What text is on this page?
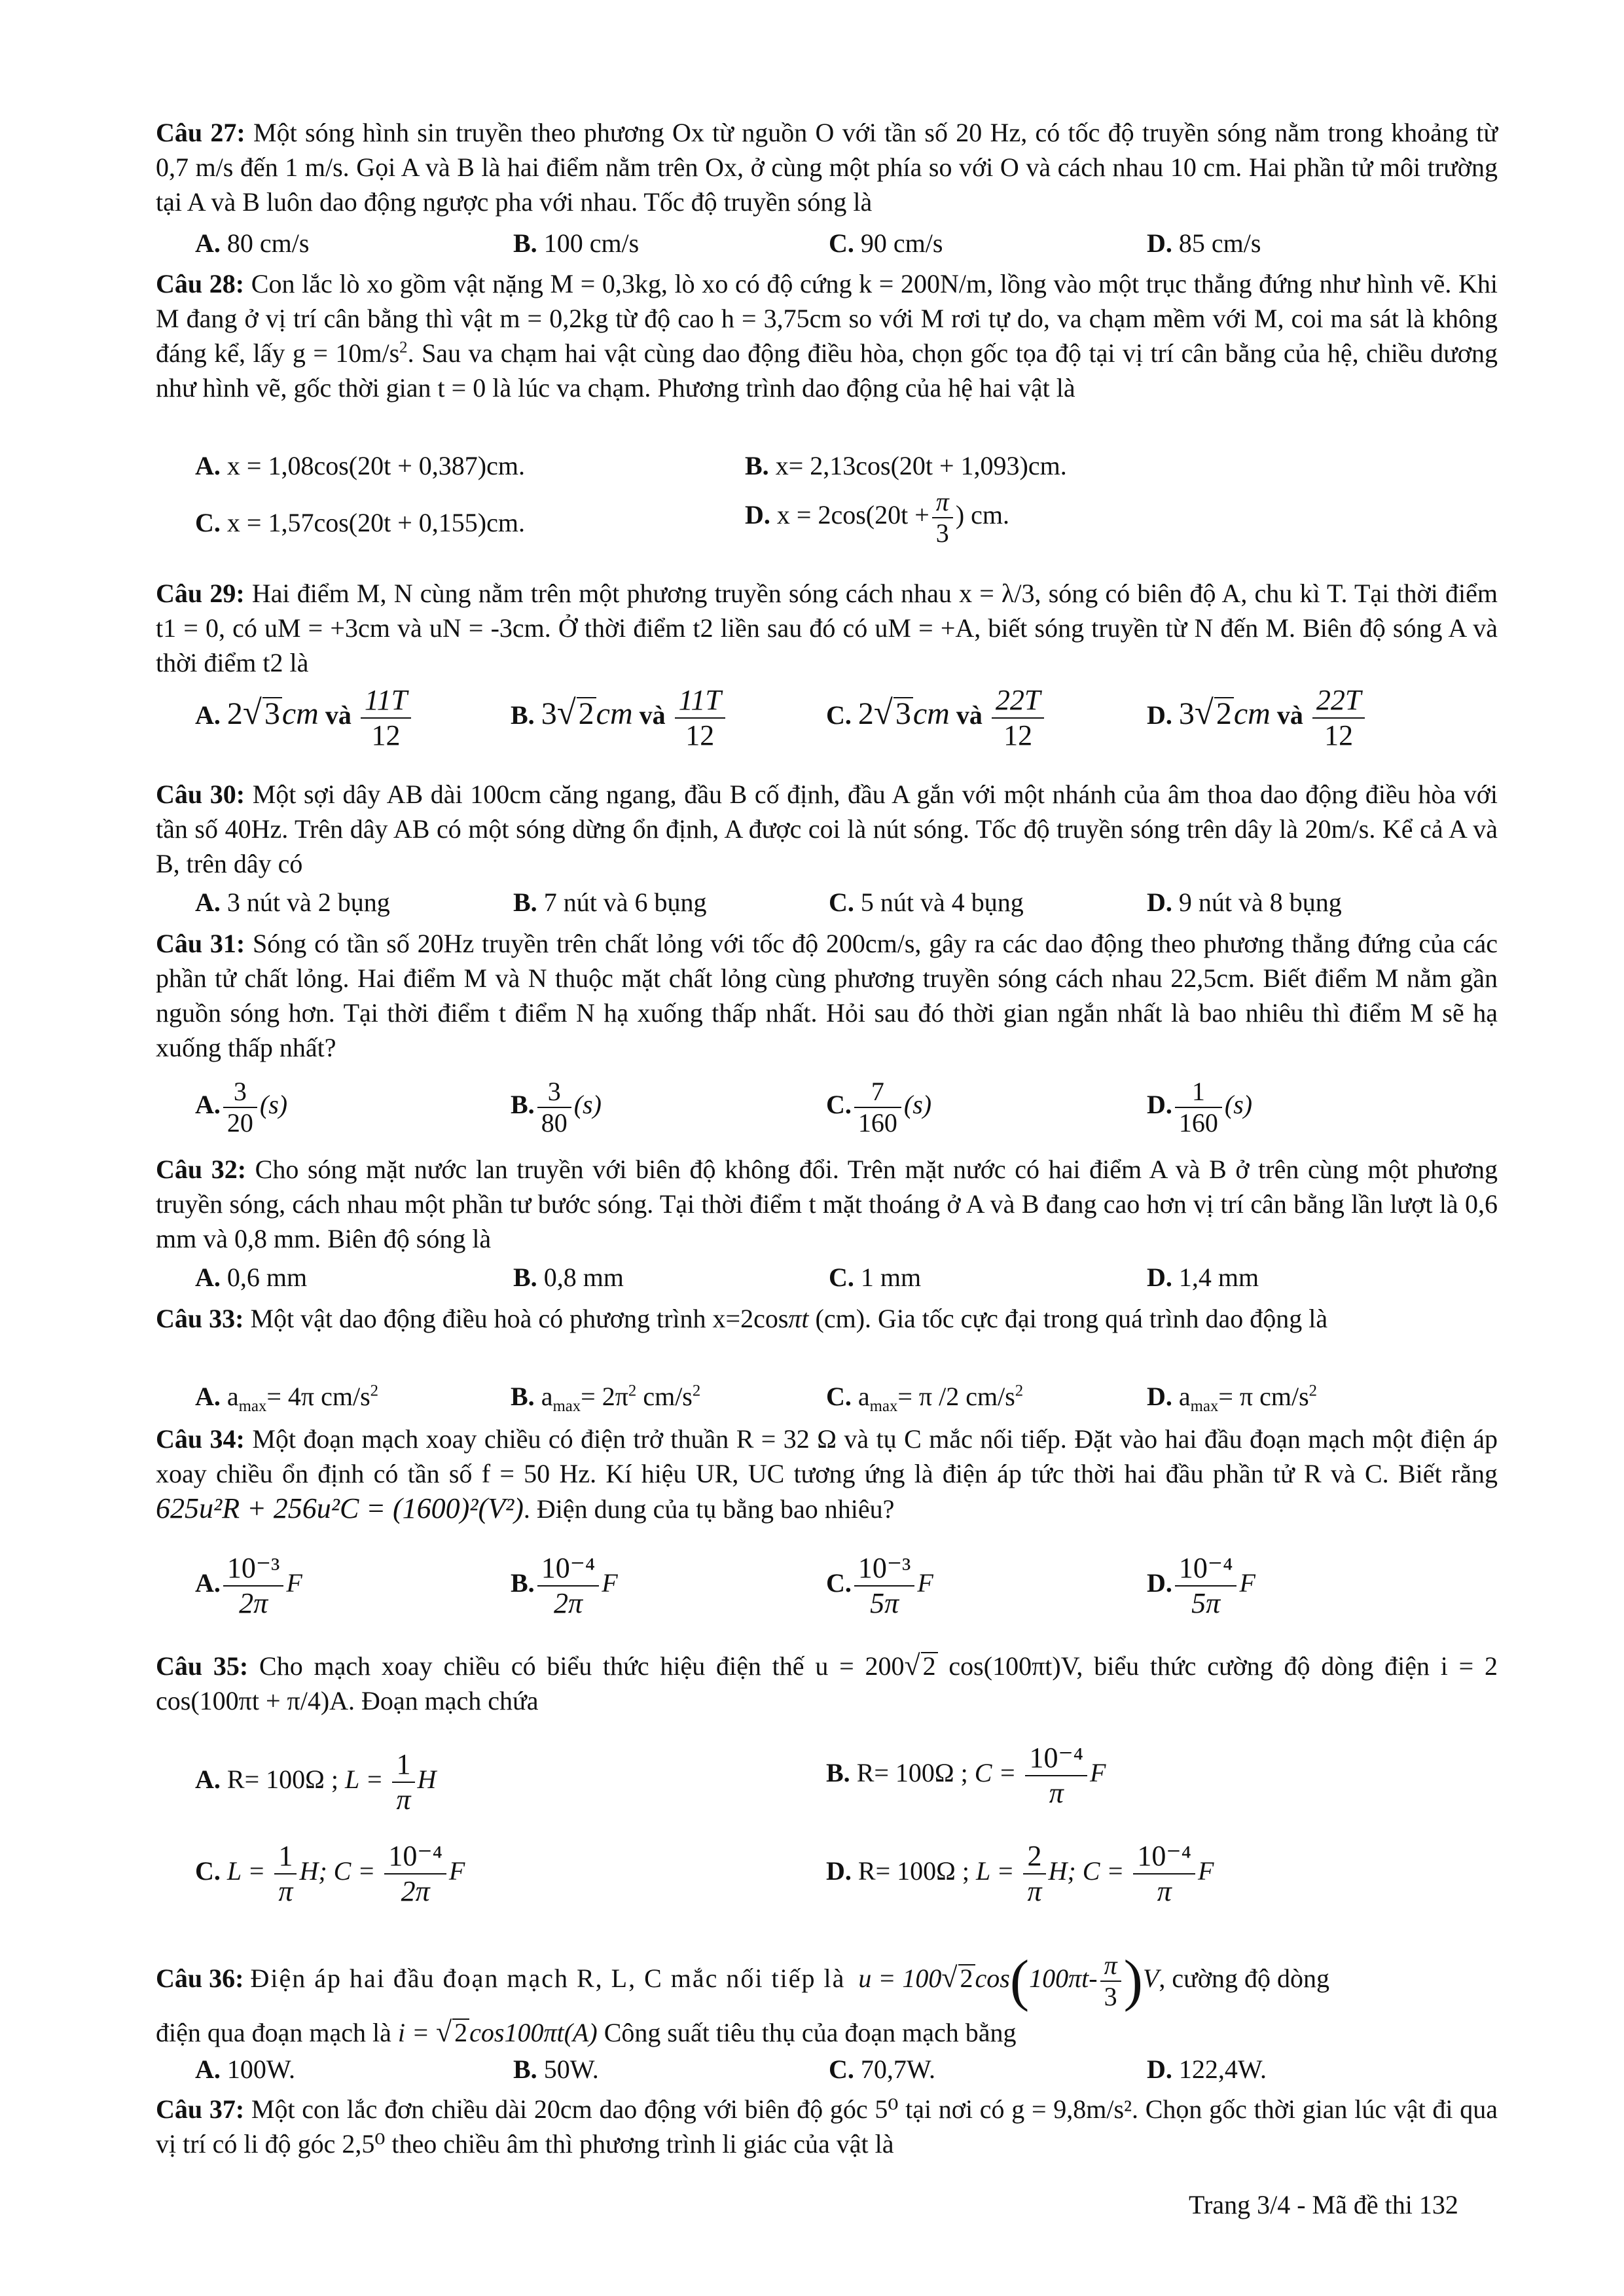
Câu 27: Một sóng hình sin truyền theo phương Ox từ nguồn O với tần số 20 Hz, có tốc độ truyền sóng nằm trong khoảng từ 0,7 m/s đến 1 m/s. Gọi A và B là hai điểm nằm trên Ox, ở cùng một phía so với O và cách nhau 10 cm. Hai phần tử môi trường tại A và B luôn dao động ngược pha với nhau. Tốc độ truyền sóng là

A. 80 cm/s	B. 100 cm/s	C. 90 cm/s	D. 85 cm/s

Câu 28: Con lắc lò xo gồm vật nặng M = 0,3kg, lò xo có độ cứng k = 200N/m, lồng vào một trục thẳng đứng như hình vẽ. Khi M đang ở vị trí cân bằng thì vật m = 0,2kg từ độ cao h = 3,75cm so với M rơi tự do, va chạm mềm với M, coi ma sát là không đáng kể, lấy $g = 10m/s^2$. Sau va chạm hai vật cùng dao động điều hòa, chọn gốc tọa độ tại vị trí cân bằng của hệ, chiều dương như hình vẽ, gốc thời gian t = 0 là lúc va chạm. Phương trình dao động của hệ hai vật là

A. x = 1,08cos(20t + 0,387)cm.	B. x= 2,13cos(20t + 1,093)cm.
C. x = 1,57cos(20t + 0,155)cm.	D. $x = 2\cos(20t + \frac{\pi}{3}$ ) cm.

Câu 29: Hai điểm M, N cùng nằm trên một phương truyền sóng cách nhau x = λ/3, sóng có biên độ A, chu kì T. Tại thời điểm t1 = 0, có uM = +3cm và uN = -3cm. Ở thời điểm t2 liền sau đó có uM = +A, biết sóng truyền từ N đến M. Biên độ sóng A và thời điểm t2 là

A. 2√3cm và $\frac{11T}{12}$	B. 3√2cm và $\frac{11T}{12}$	C. 2√3cm và $\frac{22T}{12}$	D. 3√2cm và $\frac{22T}{12}$

Câu 30: Một sợi dây AB dài 100cm căng ngang, đầu B cố định, đầu A gắn với một nhánh của âm thoa dao động điều hòa với tần số 40Hz. Trên dây AB có một sóng dừng ổn định, A được coi là nút sóng. Tốc độ truyền sóng trên dây là 20m/s. Kể cả A và B, trên dây có

A. 3 nút và 2 bụng	B. 7 nút và 6 bụng	C. 5 nút và 4 bụng	D. 9 nút và 8 bụng

Câu 31: Sóng có tần số 20Hz truyền trên chất lỏng với tốc độ 200cm/s, gây ra các dao động theo phương thẳng đứng của các phần tử chất lỏng. Hai điểm M và N thuộc mặt chất lỏng cùng phương truyền sóng cách nhau 22,5cm. Biết điểm M nằm gần nguồn sóng hơn. Tại thời điểm t điểm N hạ xuống thấp nhất. Hỏi sau đó thời gian ngắn nhất là bao nhiêu thì điểm M sẽ hạ xuống thấp nhất?

A. $\frac{3}{20} (s)$	B. $\frac{3}{80} (s)$	C. $\frac{7}{160} (s)$	D. $\frac{1}{160} (s)$

Câu 32: Cho sóng mặt nước lan truyền với biên độ không đổi. Trên mặt nước có hai điểm A và B ở trên cùng một phương truyền sóng, cách nhau một phần tư bước sóng. Tại thời điểm t mặt thoáng ở A và B đang cao hơn vị trí cân bằng lần lượt là 0,6 mm và 0,8 mm. Biên độ sóng là

A. 0,6 mm	B. 0,8 mm	C. 1 mm	D. 1,4 mm

Câu 33: Một vật dao động điều hoà có phương trình x=2cosπt (cm). Gia tốc cực đại trong quá trình dao động là

A. $a_{max}= 4\pi$ $cm/s^2$	B. $a_{max}= 2\pi^2$ $cm/s^2$	C. $a_{max}= \pi$ /2 $cm/s^2$	D. $a_{max}= \pi$ $cm/s^2$

Câu 34: Một đoạn mạch xoay chiều có điện trở thuần R = 32 Ω và tụ C mắc nối tiếp. Đặt vào hai đầu đoạn mạch một điện áp xoay chiều ổn định có tần số f = 50 Hz. Kí hiệu UR, UC tương ứng là điện áp tức thời hai đầu phần tử R và C. Biết rằng 625u²R + 256u²C = (1600)²(V²). Điện dung của tụ bằng bao nhiêu?

A. $\frac{\text{10⁻³}}{2\pi}$ F	B. $\frac{\text{10⁻⁴}}{2\pi}$ F	C. $\frac{\text{10⁻³}}{5\pi}$ F	D. $\frac{\text{10⁻⁴}}{5\pi}$ F

Câu 35: Cho mạch xoay chiều có biểu thức hiệu điện thế u = 200√ 2 cos(100πt)V, biểu thức cường độ dòng điện i = 2 cos(100πt + π/4)A. Đoạn mạch chứa

A. R= 100Ω ; $L = \frac{1}{\pi}$ H	B. R= 100Ω ; $C = \frac{\text{10⁻⁴}}{\pi}$ F
C. $L = \frac{1}{\pi} H$; $C = \frac{\text{10⁻⁴}}{2\pi}$ F	D. R= 100Ω ; $L = \frac{2}{\pi} H$; $C = \frac{\text{10⁻⁴}}{\pi}$ F
Câu 36: Điện áp hai đầu đoạn mạch R, L, C mắc nối tiếp là u = 100√ $2\cos(100\pi t- \frac{\pi}{3} )V$, cường độ dòng
điện qua đoạn mạch là i = √ 2cos100πt(A) Công suất tiêu thụ của đoạn mạch bằng
A. 100W.	B. 50W.	C. 70,7W.	D. 122,4W.

Câu 37: Một con lắc đơn chiều dài 20cm dao động với biên độ góc 5⁰ tại nơi có g = 9,8m/s². Chọn gốc thời gian lúc vật đi qua vị trí có li độ góc 2,5⁰ theo chiều âm thì phương trình li giác của vật là

Trang 3/4 - Mã đề thi 132
